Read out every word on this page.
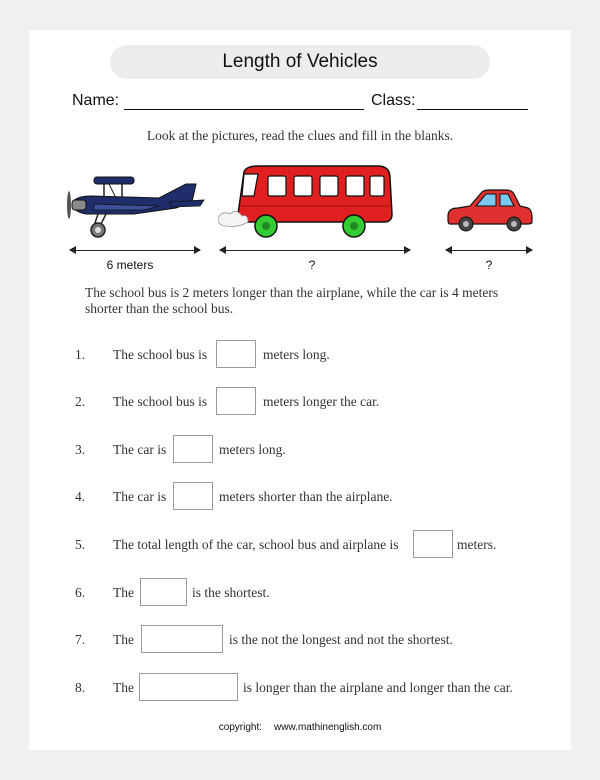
Length of Vehicles
Name:	Class:
Look at the pictures, read the clues and fill in the blanks.
6 meters	?	?
The school bus is 2 meters longer than the airplane, while the car is 4 meters shorter than the school bus.
1. The school bus is	meters long.
2. The school bus is	meters longer the car.
3. The car is	meters long.
4. The car is	meters shorter than the airplane.
5. The total length of the car, school bus and airplane is	meters.
6. The	is the shortest.
7. The	is the not the longest and not the shortest.
8. The	is longer than the airplane and longer than the car.
copyright: www.mathinenglish.com
